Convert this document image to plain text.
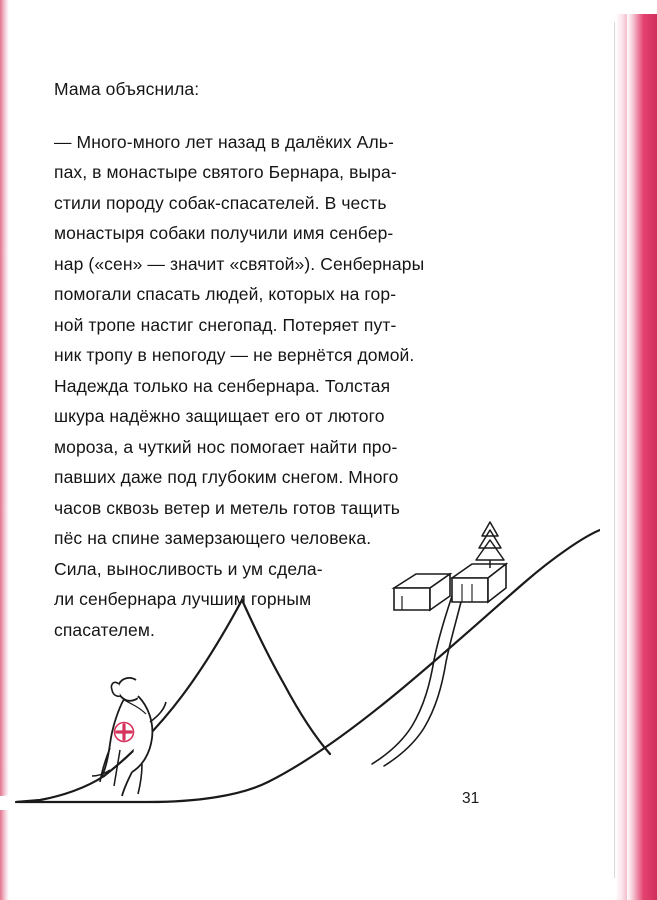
Мама объяснила:

— Много-много лет назад в далёких Аль-
пах, в монастыре святого Бернара, выра-
стили породу собак-спасателей. В честь
монастыря собаки получили имя сенбер-
нар («сен» — значит «святой»). Сенбернары
помогали спасать людей, которых на гор-
ной тропе настиг снегопад. Потеряет пут-
ник тропу в непогоду — не вернётся домой.
Надежда только на сенбернара. Толстая
шкура надёжно защищает его от лютого
мороза, а чуткий нос помогает найти про-
павших даже под глубоким снегом. Много
часов сквозь ветер и метель готов тащить
пёс на спине замерзающего человека.
Сила, выносливость и ум сдела-
ли сенбернара лучшим горным
спасателем.
31
